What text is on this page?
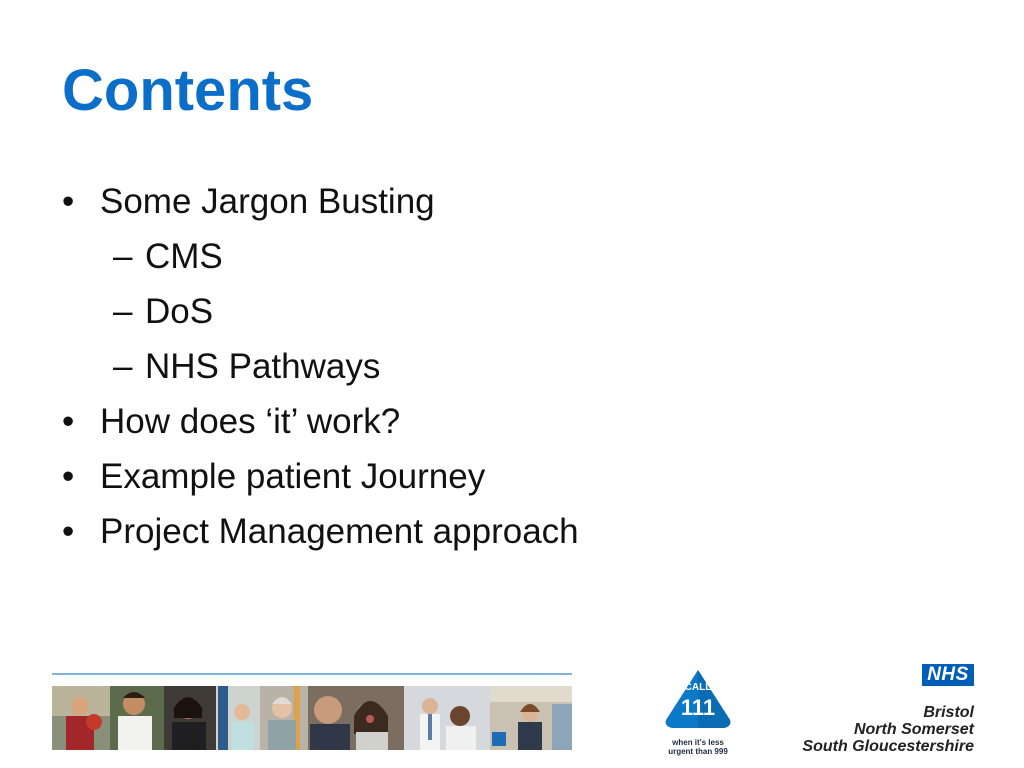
Contents
• Some Jargon Busting
– CMS
– DoS
– NHS Pathways
• How does ‘it’ work?
• Example patient Journey
• Project Management approach
CALL
111
when it's less
urgent than 999
NHS
Bristol
North Somerset
South Gloucestershire
